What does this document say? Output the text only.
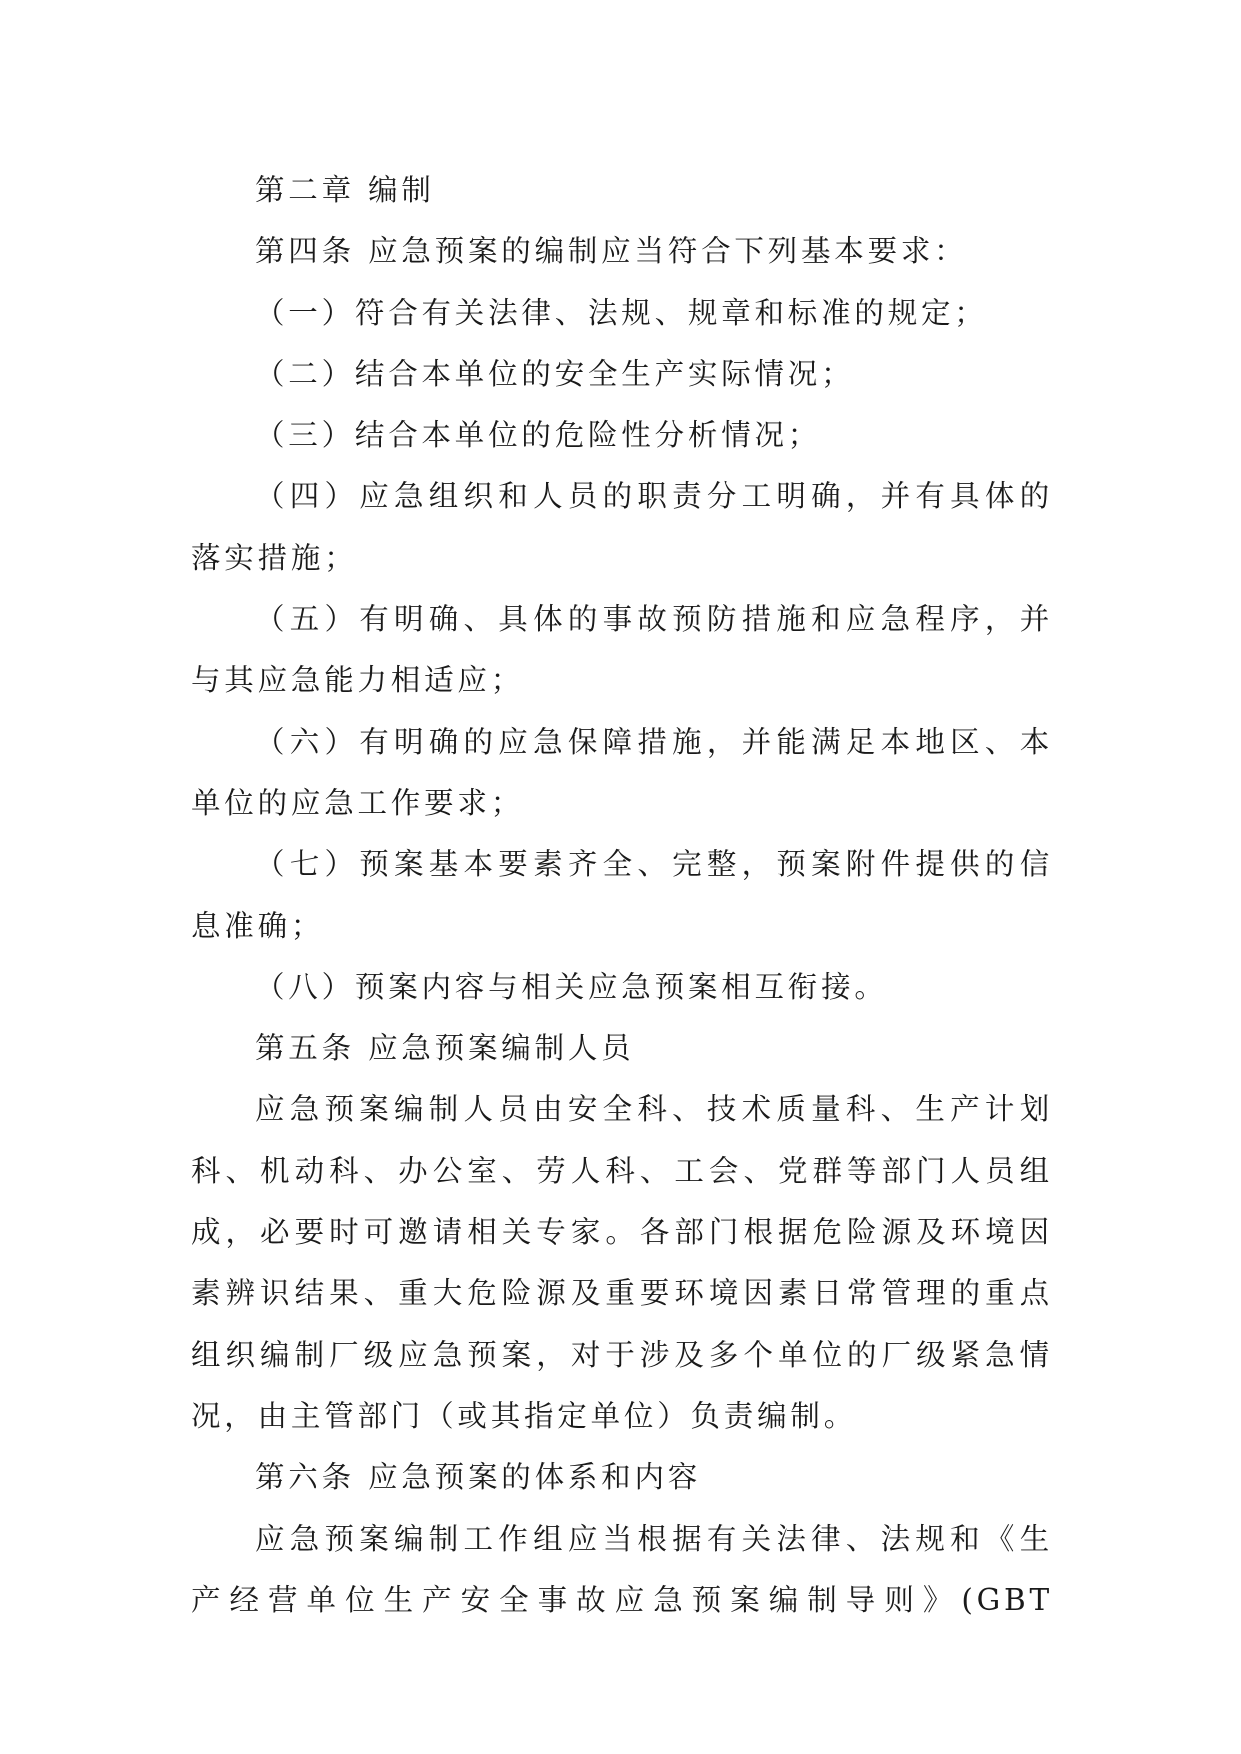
第二章 编制

第四条 应急预案的编制应当符合下列基本要求：

（一）符合有关法律、法规、规章和标准的规定；

（二）结合本单位的安全生产实际情况；

（三）结合本单位的危险性分析情况；

（四）应急组织和人员的职责分工明确，并有具体的落实措施；

（五）有明确、具体的事故预防措施和应急程序，并与其应急能力相适应；

（六）有明确的应急保障措施，并能满足本地区、本单位的应急工作要求；

（七）预案基本要素齐全、完整，预案附件提供的信息准确；

（八）预案内容与相关应急预案相互衔接。

第五条 应急预案编制人员

应急预案编制人员由安全科、技术质量科、生产计划科、机动科、办公室、劳人科、工会、党群等部门人员组成，必要时可邀请相关专家。各部门根据危险源及环境因素辨识结果、重大危险源及重要环境因素日常管理的重点组织编制厂级应急预案，对于涉及多个单位的厂级紧急情况，由主管部门（或其指定单位）负责编制。

第六条 应急预案的体系和内容

应急预案编制工作组应当根据有关法律、法规和《生产经营单位生产安全事故应急预案编制导则》(GBT
